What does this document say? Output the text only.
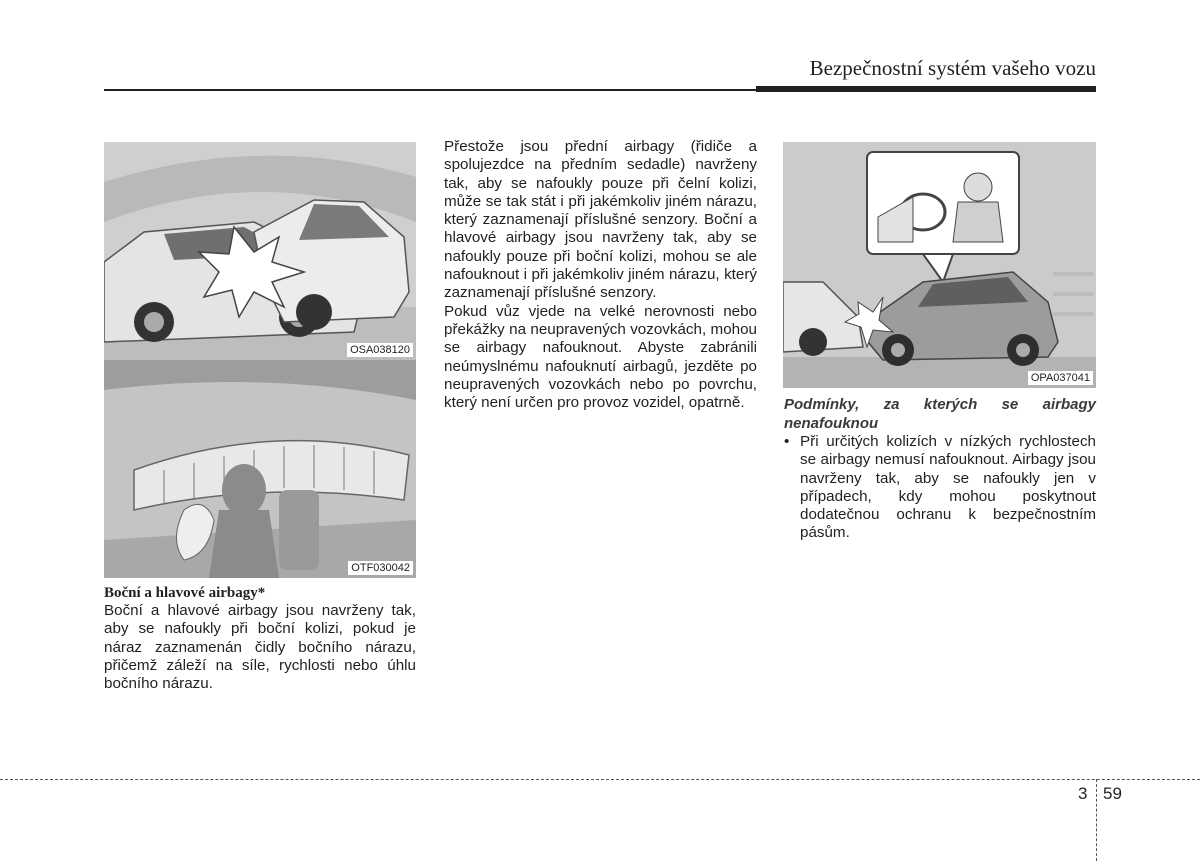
Bezpečnostní systém vašeho vozu
OSA038120
OTF030042
OPA037041

Boční a hlavové airbagy*

Boční a hlavové airbagy jsou navrženy tak, aby se nafoukly při boční kolizi, pokud je náraz zaznamenán čidly bočního nárazu, přičemž záleží na síle, rychlosti nebo úhlu bočního nárazu.

Přestože jsou přední airbagy (řidiče a spolujezdce na předním sedadle) navrženy tak, aby se nafoukly pouze při čelní kolizi, může se tak stát i při jakémkoliv jiném nárazu, který zaznamenají příslušné senzory. Boční a hlavové airbagy jsou navrženy tak, aby se nafoukly pouze při boční kolizi, mohou se ale nafouknout i při jakémkoliv jiném nárazu, který zaznamenají příslušné senzory.

Pokud vůz vjede na velké nerovnosti nebo překážky na neupravených vozovkách, mohou se airbagy nafouknout. Abyste zabránili neúmyslnému nafouknutí airbagů, jezděte po neupravených vozovkách nebo po povrchu, který není určen pro provoz vozidel, opatrně.	Podmínky, za kterých se airbagy nenafouknou

• Při určitých kolizích v nízkých rychlostech se airbagy nemusí nafouknout. Airbagy jsou navrženy tak, aby se nafoukly jen v případech, kdy mohou poskytnout dodatečnou ochranu k bezpečnostním pásům.
3 59
